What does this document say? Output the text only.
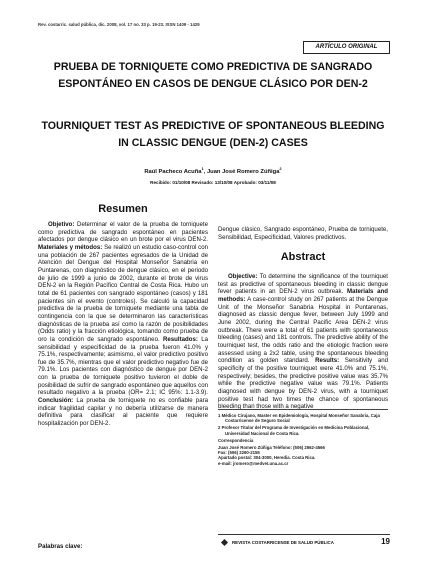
Rev. costarric. salud pública, dic. 2008, vol. 17 no. 33 p. 19-23. ISSN 1409 - 1429
ARTÍCULO ORIGINAL
PRUEBA DE TORNIQUETE COMO PREDICTIVA DE SANGRADO ESPONTÁNEO EN CASOS DE DENGUE CLÁSICO POR DEN-2
TOURNIQUET TEST AS PREDICTIVE OF SPONTANEOUS BLEEDING IN CLASSIC DENGUE (DEN-2) CASES
Raúl Pacheco Acuña$^1$, Juan José Romero Zúñiga$^2$
Recibido: 01/10/08 Revisado: 13/10/08 Aprobado: 03/11/08
Resumen

Objetivo: Determinar el valor de la prueba de torniquete como predictiva de sangrado espontáneo en pacientes afectados por dengue clásico en un brote por el virus DEN-2. Materiales y métodos: Se realizó un estudio caso-control con una población de 267 pacientes egresados de la Unidad de Atención del Dengue del Hospital Monseñor Sanabria en Puntarenas, con diagnóstico de dengue clásico, en el periodo de julio de 1999 a junio de 2002, durante el brote de virus DEN-2 en la Región Pacífico Central de Costa Rica. Hubo un total de 61 pacientes con sangrado espontáneo (casos) y 181 pacientes sin el evento (controles). Se calculó la capacidad predictiva de la prueba de torniquete mediante una tabla de contingencia con la que se determinaron las características diagnósticas de la prueba así como la razón de posibilidades (Odds ratio) y la fracción etiológica, tomando como prueba de oro la condición de sangrado espontáneo. Resultados: La sensibilidad y especificidad de la prueba fueron 41.0% y 75.1%, respectivamente; asimismo, el valor predictivo positivo fue de 35.7%, mientras que el valor predictivo negativo fue de 79.1%. Los pacientes con diagnóstico de dengue por DEN-2 con la prueba de torniquete positivo tuvieron el doble de posibilidad de sufrir de sangrado espontáneo que aquellos con resultado negativo a la prueba (OR= 2.1; IC 95%: 1.1-3.9). Conclusión: La prueba de torniquete no es confiable para indicar fragilidad capilar y no debería utilizarse de manera definitiva para clasificar al paciente que requiere hospitalización por DEN-2.

Palabras clave:

Dengue clásico, Sangrado espontáneo, Prueba de torniquete, Sensibilidad, Especificidad, Valores predictivos.

Abstract

Objective: To determine the significance of the tourniquet test as predictive of spontaneous bleeding in classic dengue fever patients in an DEN-2 virus outbreak. Materials and methods: A case-control study on 267 patients at the Dengue Unit of the Monseñor Sanabria Hospital in Puntarenas, diagnosed as classic dengue fever, between July 1999 and June 2002, during the Central Pacific Area DEN-2 virus outbreak. There were a total of 61 patients with spontaneous bleeding (cases) and 181 controls. The predictive ability of the tourniquet test, the odds ratio and the etiologic fraction were assessed using a 2x2 table, using the spontaneous bleeding condition as golden standard. Results: Sensitivity and specificity of the positive tourniquet were 41.0% and 75.1%, respectively; besides, the predictive positive value was 35.7% while the predictive negative value was 79.1%. Patients diagnosed with dengue by DEN-2 virus, with a tourniquet positive test had two times the chance of spontaneous bleeding than those with a negative

1 Médico Cirujano, Master en Epidemiología, Hospital Monseñor Sanabria, Caja Costarricense de Seguro Social

2 Profesor Titular del Programa de Investigación en Medicina Poblacional, Universidad Nacional de Costa Rica.

Correspondencia

Juan José Romero Zúñiga Teléfono: (506) 2562-4566

Fax: (506) 2260-2155

Apartado postal: 304-3000, Heredia. Costa Rica.

e-mail: jromero@medvet.una.ac.cr

REVISTA COSTARRICENSE DE SALUD PÚBLICA	19
